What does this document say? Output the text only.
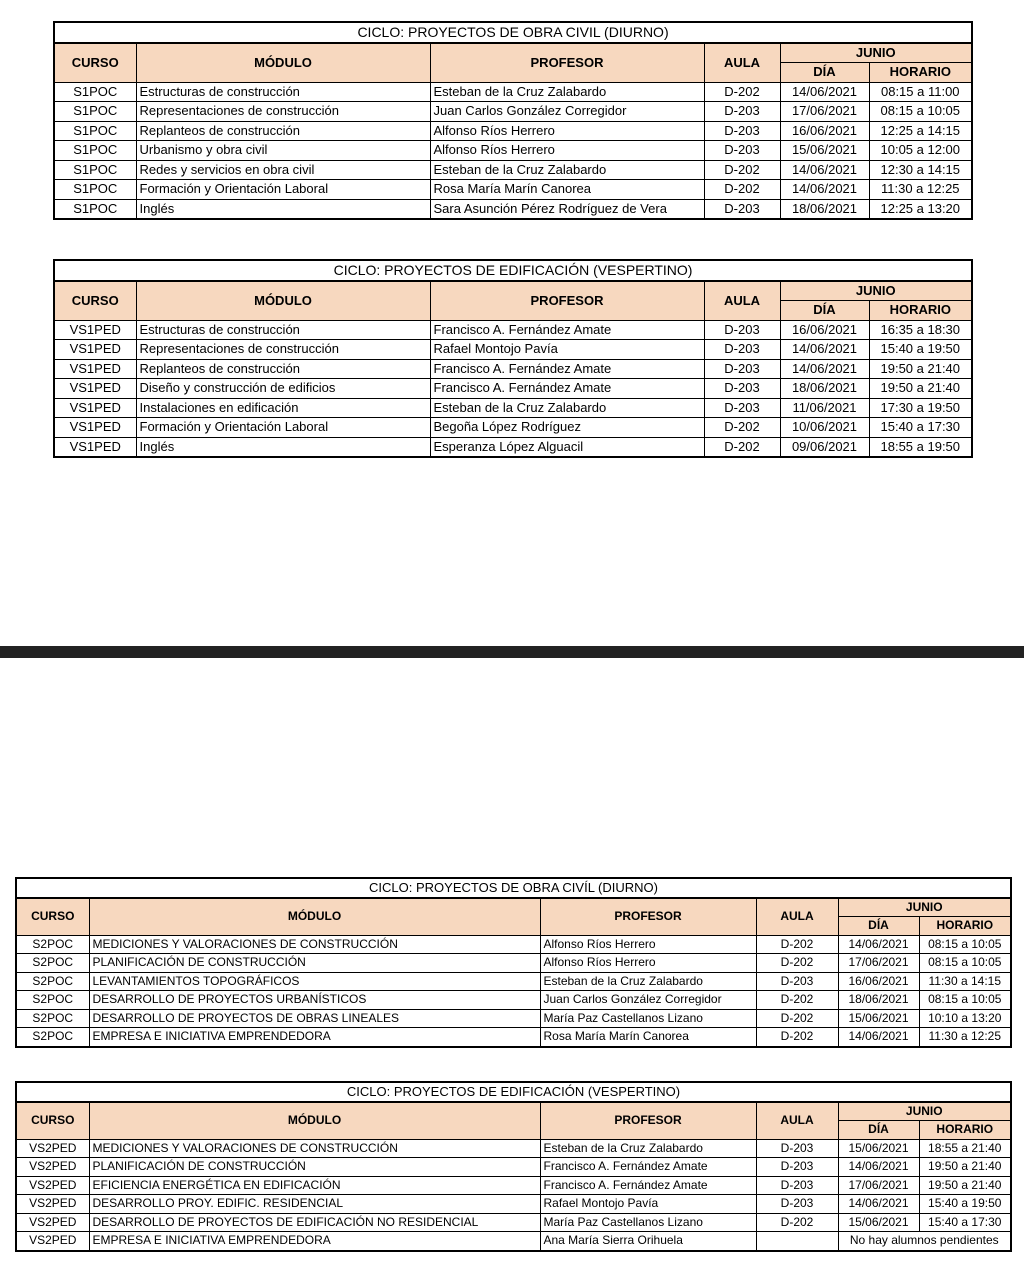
CICLO: PROYECTOS DE OBRA CIVIL (DIURNO)					
CURSO	MÓDULO	PROFESOR	AULA	JUNIO	
				DÍA	HORARIO
S1POC	Estructuras de construcción	Esteban de la Cruz Zalabardo	D-202	14/06/2021	08:15 a 11:00
S1POC	Representaciones de construcción	Juan Carlos González Corregidor	D-203	17/06/2021	08:15 a 10:05
S1POC	Replanteos de construcción	Alfonso Ríos Herrero	D-203	16/06/2021	12:25 a 14:15
S1POC	Urbanismo y obra civil	Alfonso Ríos Herrero	D-203	15/06/2021	10:05 a 12:00
S1POC	Redes y servicios en obra civil	Esteban de la Cruz Zalabardo	D-202	14/06/2021	12:30 a 14:15
S1POC	Formación y Orientación Laboral	Rosa María Marín Canorea	D-202	14/06/2021	11:30 a 12:25
S1POC	Inglés	Sara Asunción Pérez Rodríguez de Vera	D-203	18/06/2021	12:25 a 13:20
CICLO: PROYECTOS DE EDIFICACIÓN (VESPERTINO)					
CURSO	MÓDULO	PROFESOR	AULA	JUNIO	
				DÍA	HORARIO
VS1PED	Estructuras de construcción	Francisco A. Fernández Amate	D-203	16/06/2021	16:35 a 18:30
VS1PED	Representaciones de construcción	Rafael Montojo Pavía	D-203	14/06/2021	15:40 a 19:50
VS1PED	Replanteos de construcción	Francisco A. Fernández Amate	D-203	14/06/2021	19:50 a 21:40
VS1PED	Diseño y construcción de edificios	Francisco A. Fernández Amate	D-203	18/06/2021	19:50 a 21:40
VS1PED	Instalaciones en edificación	Esteban de la Cruz Zalabardo	D-203	11/06/2021	17:30 a 19:50
VS1PED	Formación y Orientación Laboral	Begoña López Rodríguez	D-202	10/06/2021	15:40 a 17:30
VS1PED	Inglés	Esperanza López Alguacil	D-202	09/06/2021	18:55 a 19:50
CICLO: PROYECTOS DE OBRA CIVÍL (DIURNO)					
CURSO	MÓDULO	PROFESOR	AULA	JUNIO	
				DÍA	HORARIO
S2POC	MEDICIONES Y VALORACIONES DE CONSTRUCCIÓN	Alfonso Ríos Herrero	D-202	14/06/2021	08:15 a 10:05
S2POC	PLANIFICACIÓN DE CONSTRUCCIÓN	Alfonso Ríos Herrero	D-202	17/06/2021	08:15 a 10:05
S2POC	LEVANTAMIENTOS TOPOGRÁFICOS	Esteban de la Cruz Zalabardo	D-203	16/06/2021	11:30 a 14:15
S2POC	DESARROLLO DE PROYECTOS URBANÍSTICOS	Juan Carlos González Corregidor	D-202	18/06/2021	08:15 a 10:05
S2POC	DESARROLLO DE PROYECTOS DE OBRAS LINEALES	María Paz Castellanos Lizano	D-202	15/06/2021	10:10 a 13:20
S2POC	EMPRESA E INICIATIVA EMPRENDEDORA	Rosa María Marín Canorea	D-202	14/06/2021	11:30 a 12:25
CICLO: PROYECTOS DE EDIFICACIÓN (VESPERTINO)					
CURSO	MÓDULO	PROFESOR	AULA	JUNIO	
				DÍA	HORARIO
VS2PED	MEDICIONES Y VALORACIONES DE CONSTRUCCIÓN	Esteban de la Cruz Zalabardo	D-203	15/06/2021	18:55 a 21:40
VS2PED	PLANIFICACIÓN DE CONSTRUCCIÓN	Francisco A. Fernández Amate	D-203	14/06/2021	19:50 a 21:40
VS2PED	EFICIENCIA ENERGÉTICA EN EDIFICACIÓN	Francisco A. Fernández Amate	D-203	17/06/2021	19:50 a 21:40
VS2PED	DESARROLLO PROY. EDIFIC. RESIDENCIAL	Rafael Montojo Pavía	D-203	14/06/2021	15:40 a 19:50
VS2PED	DESARROLLO DE PROYECTOS DE EDIFICACIÓN NO RESIDENCIAL	María Paz Castellanos Lizano	D-202	15/06/2021	15:40 a 17:30
VS2PED	EMPRESA E INICIATIVA EMPRENDEDORA	Ana María Sierra Orihuela		No hay alumnos pendientes	
